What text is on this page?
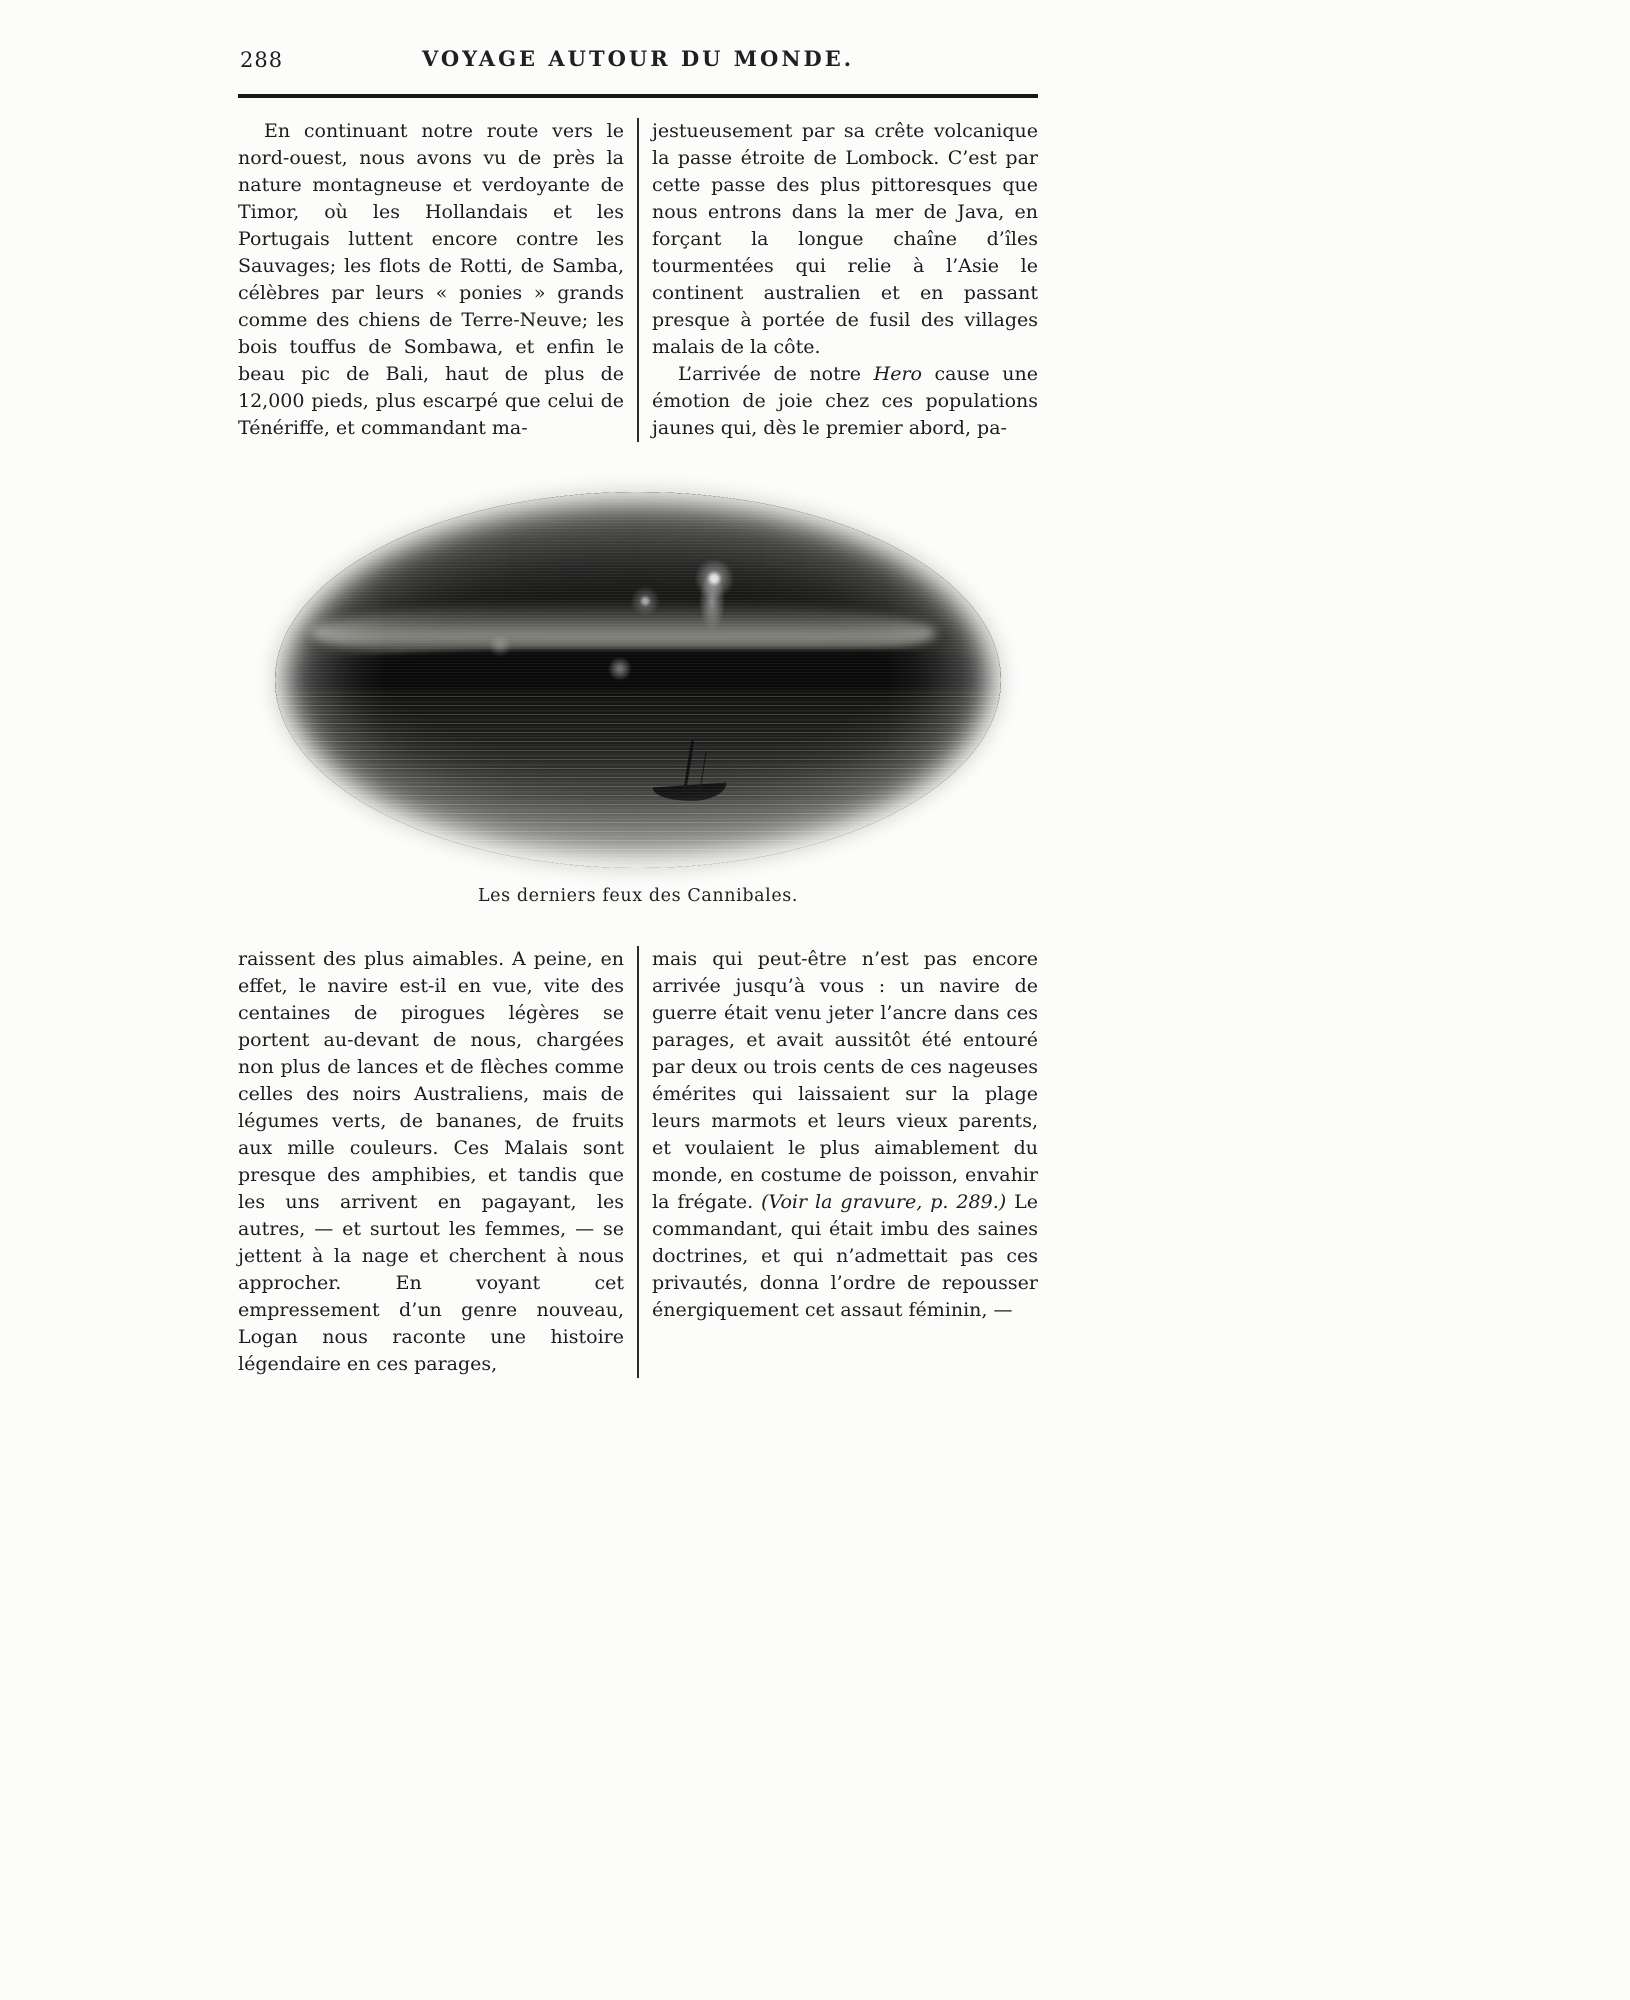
288	VOYAGE AUTOUR DU MONDE.

En continuant notre route vers le nord-ouest, nous avons vu de près la nature montagneuse et verdoyante de Timor, où les Hollandais et les Portugais luttent encore contre les Sauvages; les flots de Rotti, de Samba, célèbres par leurs « ponies » grands comme des chiens de Terre-Neuve; les bois touffus de Sombawa, et enfin le beau pic de Bali, haut de plus de 12,000 pieds, plus escarpé que celui de Ténériffe, et commandant ma-

jestueusement par sa crête volcanique la passe étroite de Lombock. C’est par cette passe des plus pittoresques que nous entrons dans la mer de Java, en forçant la longue chaîne d’îles tourmentées qui relie à l’Asie le continent australien et en passant presque à portée de fusil des villages malais de la côte.

L’arrivée de notre Hero cause une émotion de joie chez ces populations jaunes qui, dès le premier abord, pa-

Les derniers feux des Cannibales.

raissent des plus aimables. A peine, en effet, le navire est-il en vue, vite des centaines de pirogues légères se portent au-devant de nous, chargées non plus de lances et de flèches comme celles des noirs Australiens, mais de légumes verts, de bananes, de fruits aux mille couleurs. Ces Malais sont presque des amphibies, et tandis que les uns arrivent en pagayant, les autres, — et surtout les femmes, — se jettent à la nage et cherchent à nous approcher. En voyant cet empressement d’un genre nouveau, Logan nous raconte une histoire légendaire en ces parages,

mais qui peut-être n’est pas encore arrivée jusqu’à vous : un navire de guerre était venu jeter l’ancre dans ces parages, et avait aussitôt été entouré par deux ou trois cents de ces nageuses émérites qui laissaient sur la plage leurs marmots et leurs vieux parents, et voulaient le plus aimablement du monde, en costume de poisson, envahir la frégate. (Voir la gravure, p. 289.) Le commandant, qui était imbu des saines doctrines, et qui n’admettait pas ces privautés, donna l’ordre de repousser énergiquement cet assaut féminin, —
